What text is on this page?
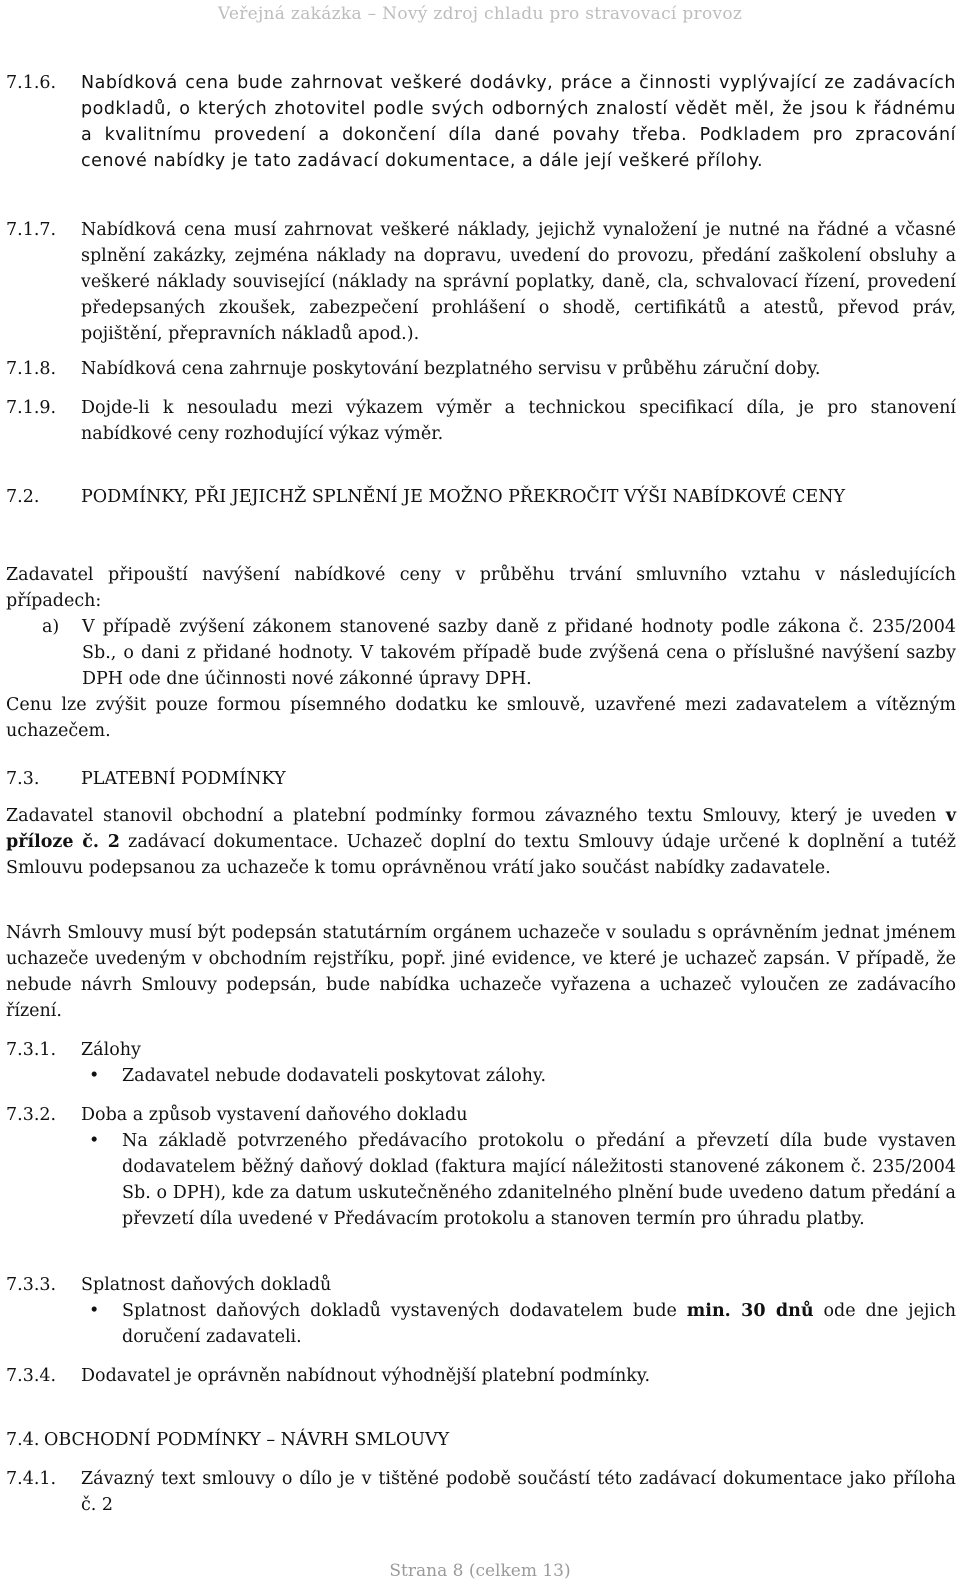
Veřejná zakázka – Nový zdroj chladu pro stravovací provoz
7.1.6.	Nabídková cena bude zahrnovat veškeré dodávky, práce a činnosti vyplývající ze zadávacích podkladů, o kterých zhotovitel podle svých odborných znalostí vědět měl, že jsou k řádnému a kvalitnímu provedení a dokončení díla dané povahy třeba. Podkladem pro zpracování cenové nabídky je tato zadávací dokumentace, a dále její veškeré přílohy.
7.1.7.	Nabídková cena musí zahrnovat veškeré náklady, jejichž vynaložení je nutné na řádné a včasné splnění zakázky, zejména náklady na dopravu, uvedení do provozu, předání zaškolení obsluhy a veškeré náklady související (náklady na správní poplatky, daně, cla, schvalovací řízení, provedení předepsaných zkoušek, zabezpečení prohlášení o shodě, certifikátů a atestů, převod práv, pojištění, přepravních nákladů apod.).
7.1.8.	Nabídková cena zahrnuje poskytování bezplatného servisu v průběhu záruční doby.
7.1.9.	Dojde-li k nesouladu mezi výkazem výměr a technickou specifikací díla, je pro stanovení nabídkové ceny rozhodující výkaz výměr.
7.2.	PODMÍNKY, PŘI JEJICHŽ SPLNĚNÍ JE MOŽNO PŘEKROČIT VÝŠI NABÍDKOVÉ CENY

Zadavatel připouští navýšení nabídkové ceny v průběhu trvání smluvního vztahu v následujících případech:

a)	V případě zvýšení zákonem stanovené sazby daně z přidané hodnoty podle zákona č. 235/2004 Sb., o dani z přidané hodnoty. V takovém případě bude zvýšená cena o příslušné navýšení sazby DPH ode dne účinnosti nové zákonné úpravy DPH.

Cenu lze zvýšit pouze formou písemného dodatku ke smlouvě, uzavřené mezi zadavatelem a vítězným uchazečem.

7.3.	PLATEBNÍ PODMÍNKY

Zadavatel stanovil obchodní a platební podmínky formou závazného textu Smlouvy, který je uveden v příloze č. 2 zadávací dokumentace. Uchazeč doplní do textu Smlouvy údaje určené k doplnění a tutéž Smlouvu podepsanou za uchazeče k tomu oprávněnou vrátí jako součást nabídky zadavatele.

Návrh Smlouvy musí být podepsán statutárním orgánem uchazeče v souladu s oprávněním jednat jménem uchazeče uvedeným v obchodním rejstříku, popř. jiné evidence, ve které je uchazeč zapsán. V případě, že nebude návrh Smlouvy podepsán, bude nabídka uchazeče vyřazena a uchazeč vyloučen ze zadávacího řízení.

7.3.1.	Zálohy
• Zadavatel nebude dodavateli poskytovat zálohy.
7.3.2.	Doba a způsob vystavení daňového dokladu
• Na základě potvrzeného předávacího protokolu o předání a převzetí díla bude vystaven dodavatelem běžný daňový doklad (faktura mající náležitosti stanovené zákonem č. 235/2004 Sb. o DPH), kde za datum uskutečněného zdanitelného plnění bude uvedeno datum předání a převzetí díla uvedené v Předávacím protokolu a stanoven termín pro úhradu platby.
7.3.3.	Splatnost daňových dokladů
• Splatnost daňových dokladů vystavených dodavatelem bude min. 30 dnů ode dne jejich doručení zadavateli.
7.3.4.	Dodavatel je oprávněn nabídnout výhodnější platební podmínky.
7.4. OBCHODNÍ PODMÍNKY – NÁVRH SMLOUVY
7.4.1.	Závazný text smlouvy o dílo je v tištěné podobě součástí této zadávací dokumentace jako příloha č. 2
Strana 8 (celkem 13)
